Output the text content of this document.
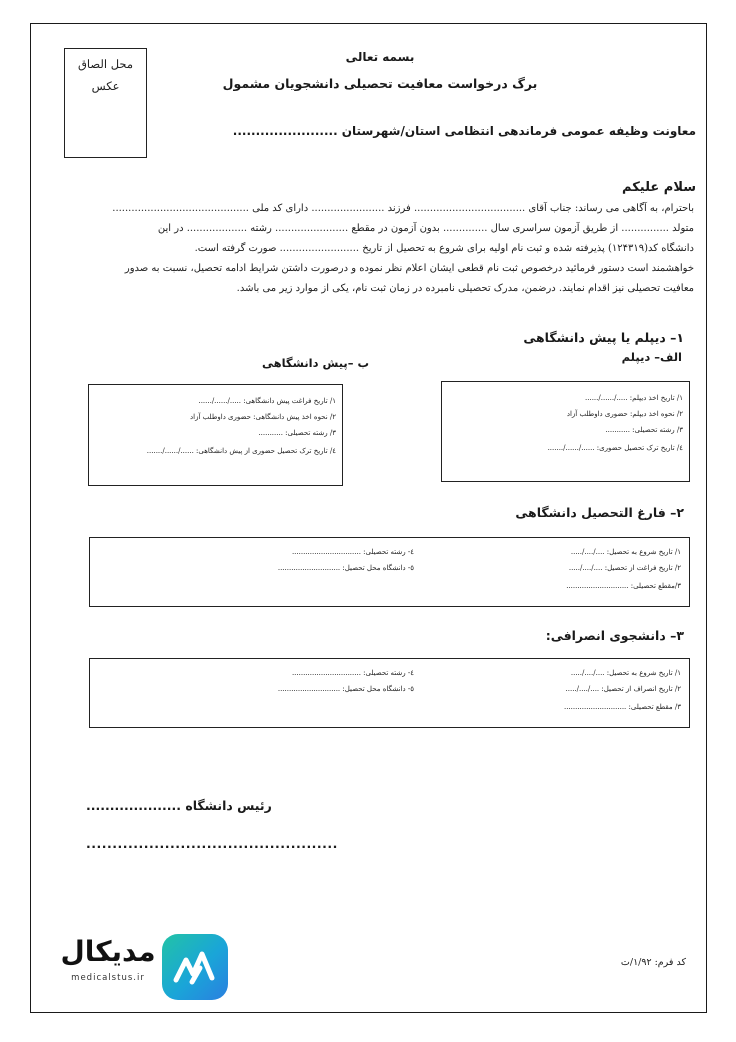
محل الصاق
عکس
بسمه تعالی
برگ درخواست معافیت تحصیلی دانشجویان مشمول
معاونت وظیفه عمومی فرماندهی انتظامی استان/شهرستان .......................
سلام علیکم
باحترام، به آگاهی می رساند: جناب آقای ................................... فرزند ....................... دارای کد ملی ...........................................
متولد ............... از طریق آزمون سراسری سال .............. بدون آزمون در مقطع ....................... رشته ................... در این
دانشگاه کد(۱۲۴۳۱۹) پذیرفته شده و ثبت نام اولیه برای شروع به تحصیل از تاریخ ......................... صورت گرفته است.
خواهشمند است دستور فرمائید درخصوص ثبت نام قطعی ایشان اعلام نظر نموده و درصورت داشتن شرایط ادامه تحصیل، نسبت به صدور
معافیت تحصیلی نیز اقدام نمایند. درضمن، مدرک تحصیلی نامبرده در زمان ثبت نام، یکی از موارد زیر می باشد.
۱– دیپلم یا پیش دانشگاهی
الف– دیپلم
ب –پیش دانشگاهی
۱/ تاریخ اخذ دیپلم: ...../....../......
۲/ نحوه اخذ دیپلم: حضوری داوطلب آزاد
۳/ رشته تحصیلی: ...........
٤/ تاریخ ترک تحصیل حضوری: ....../....../.......
۱/ تاریخ فراغت پیش دانشگاهی: ...../....../......
۲/ نحوه اخذ پیش دانشگاهی: حضوری داوطلب آزاد
۳/ رشته تحصیلی: ...........
٤/ تاریخ ترک تحصیل حضوری از پیش دانشگاهی: ....../....../.......
۲– فارغ التحصیل دانشگاهی
۱/ تاریخ شروع به تحصیل: ..../..../.....
۲/ تاریخ فراغت از تحصیل: ..../..../.....
۳/مقطع تحصیلی: ............................
٤- رشته تحصیلی: ...............................
٥- دانشگاه محل تحصیل: ............................
۳– دانشجوی انصرافی:
۱/ تاریخ شروع به تحصیل: ..../..../.....
۲/ تاریخ انصراف از تحصیل: ..../..../.....
۳/ مقطع تحصیلی: ............................
٤- رشته تحصیلی: ...............................
٥- دانشگاه محل تحصیل: ............................
رئیس دانشگاه ....................
................................................
کد فرم: ۱/۹۲/ت
مدیکال
medicalstus.ir
